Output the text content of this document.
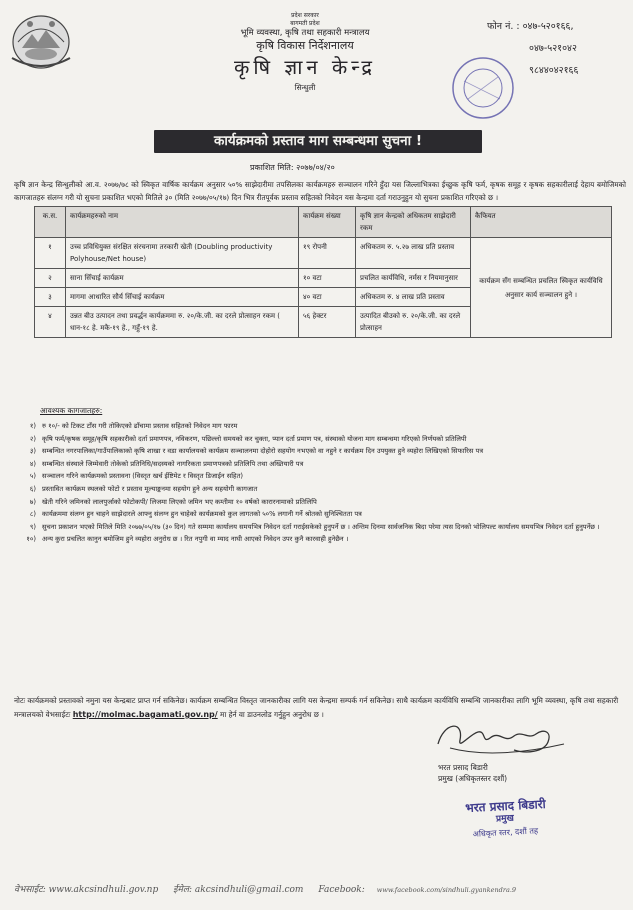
प्रदेश सरकार
बागमती प्रदेश
भूमि व्यवस्था, कृषि तथा सहकारी मन्त्रालय
कृषि विकास निर्देशनालय
कृषि ज्ञान केन्द्र
सिन्धुली
फोन नं. : ०४७-५२०१६६,
०४७-५२१०४२
९८४४०४२१६६
कार्यक्रमको प्रस्ताव माग सम्बन्धमा सुचना !
प्रकाशित मिति: २०७७/०४/२०
कृषि ज्ञान केन्द्र सिन्धुलीको आ.व. २०७७/७८ को स्विकृत वार्षिक कार्यक्रम अनुसार ५०% साझेदारीमा तपसिलका कार्यक्रमहरु सञ्चालन गरिने हुँदा यस जिल्लाभित्रका ईच्छुक कृषि फर्म, कृषक समूह र कृषक सहकारीलाई देहाय बमोजिमको कागजातहरु संलग्न गरी यो सुचना प्रकाशित भएको मितिले ३० (मिति २०७७/०५/१७) दिन भित्र रीतपूर्वक प्रस्ताव सहितको निवेदन यस केन्द्रमा दर्ता गराउनुहुन यो सुचना प्रकाशित गरिएको छ ।
क.स.	कार्यक्रमहरुको नाम	कार्यक्रम संख्या	कृषि ज्ञान केन्द्रको अधिकतम साझेदारी रकम	कैफियत
१	उच्च प्रविधियुक्त संरक्षित संरचनामा तरकारी खेती (Doubling productivity Polyhouse/Net house)	१९ रोपनी	अधिकतम रु. ५.२७ लाख प्रति प्रस्ताव	कार्यक्रम सँग सम्बन्धित प्रचलित स्विकृत कार्यविधि अनुसार कार्य सञ्चालन हुने ।
२	साना सिँचाई कार्यक्रम	१० वटा	प्रचलित कार्यविधि, नर्मस र नियमानुसार	
३	मागमा आधारित सौर्य सिँचाई कार्यक्रम	४० वटा	अधिकतम रु. ४ लाख प्रति प्रस्ताव	
४	उन्नत बीउ उत्पादन तथा प्रवर्द्धन कार्यक्रममा रु. २०/के.जी. का दरले प्रोत्साहन रकम ( धान-१८ हे. मकै-१९ हे., गहुँ-१९ हे.	५६ हेक्टर	उत्पादित बीउको रु. २०/के.जी. का दरले प्रोत्साहन	
आवश्यक कागजातहरु:
१) रु १०/- को टिकट टाँस गरी तोकिएको ढाँचामा प्रस्ताव सहितको निवेदन माग फारम
२) कृषि फर्म/कृषक समूह/कृषि सहकारीको दर्ता प्रमाणपत्र, नविकरण, पछिल्लो समयको कर चुक्ता, प्यान दर्ता प्रमाण पत्र, संस्थाको योजना माग सम्बन्धमा गरिएको निर्णयको प्रतिलिपी
३) सम्बन्धित नगरपालिका/गाउँपालिकाको कृषि शाखा र वडा कार्यालयको कार्यक्रम सञ्चालनमा दोहोरो सहयोग नभएको वा नहुने र कार्यक्रम दिन उपयुक्त हुने व्यहोरा लिखिएको सिफारिस पत्र
४) सम्बन्धित संस्थाले जिम्मेवारी तोकेको प्रतिनिधि/सदस्यको नागरिकता प्रमाणपत्रको प्रतिलिपि तथा अख्तियारी पत्र
५) सञ्चालन गरिने कार्यक्रमको प्रस्तावना (विस्तृत खर्च ईष्टिमेट र विस्तृत डिजाईन सहित)
६) प्रस्तावित कार्यक्रम स्थलको फोटो र प्रस्ताव मूल्याङ्कनमा सहयोग हुने अन्य सहयोगी कागजात
७) खेती गरिने जमिनको लालपुर्जाको फोटोकपी/ लिजमा लिएको जमिन भए कम्तीमा १० वर्षको कारारनामाको प्रतिलिपि
८) कार्यक्रममा संलग्न हुन चाहने साझेदारले आफ्नु संलग्न हुन चाहेको कार्यक्रमको कुल लागतको ५०% लगानी गर्ने श्रोतको सुनिश्चितता पत्र
९) सुचना प्रकाशन भएको मितिले मिति २०७७/०५/१७ (३० दिन) गते सम्ममा कार्यालय समयभित्र निवेदन दर्ता गराईसकेको हुनुपर्ने छ । अन्तिम दिनमा सार्वजनिक बिदा परेमा त्यस दिनको भोलिपल्ट कार्यालय समयभित्र निवेदन दर्ता हुनुपर्नेछ ।
१०) अन्य कुरा प्रचलित कानुन बमोजिम हुने व्यहोरा अनुरोध छ । रित नपुगी वा म्याद नाघी आएको निवेदन उपर कुनै कारवाही हुनेछैन ।
नोटः कार्यक्रमको प्रस्तावको नमुना यस केन्द्रबाट प्राप्त गर्न सकिनेछ। कार्यक्रम सम्बन्धित विस्तृत जानकारीका लागि यस केन्द्रमा सम्पर्क गर्न सकिनेछ। साथै कार्यक्रम कार्यविधि सम्बन्धि जानकारीका लागि भूमि व्यवस्था, कृषि तथा सहकारी मन्त्रालयको वेभसाईटः http://molmac.bagamati.gov.np/ मा हेर्न वा डाउनलोड गर्नुहुन अनुरोध छ ।
भरत प्रसाद बिडारी
प्रमुख (अधिकृतस्तर दशौं)
भरत प्रसाद बिडारी
प्रमुख
अधिकृत स्तर, दशौं तह
वेभसाईट: www.akcsindhuli.gov.np ईमेल: akcsindhuli@gmail.com Facebook: www.facebook.com/sindhuli.gyankendra.9
